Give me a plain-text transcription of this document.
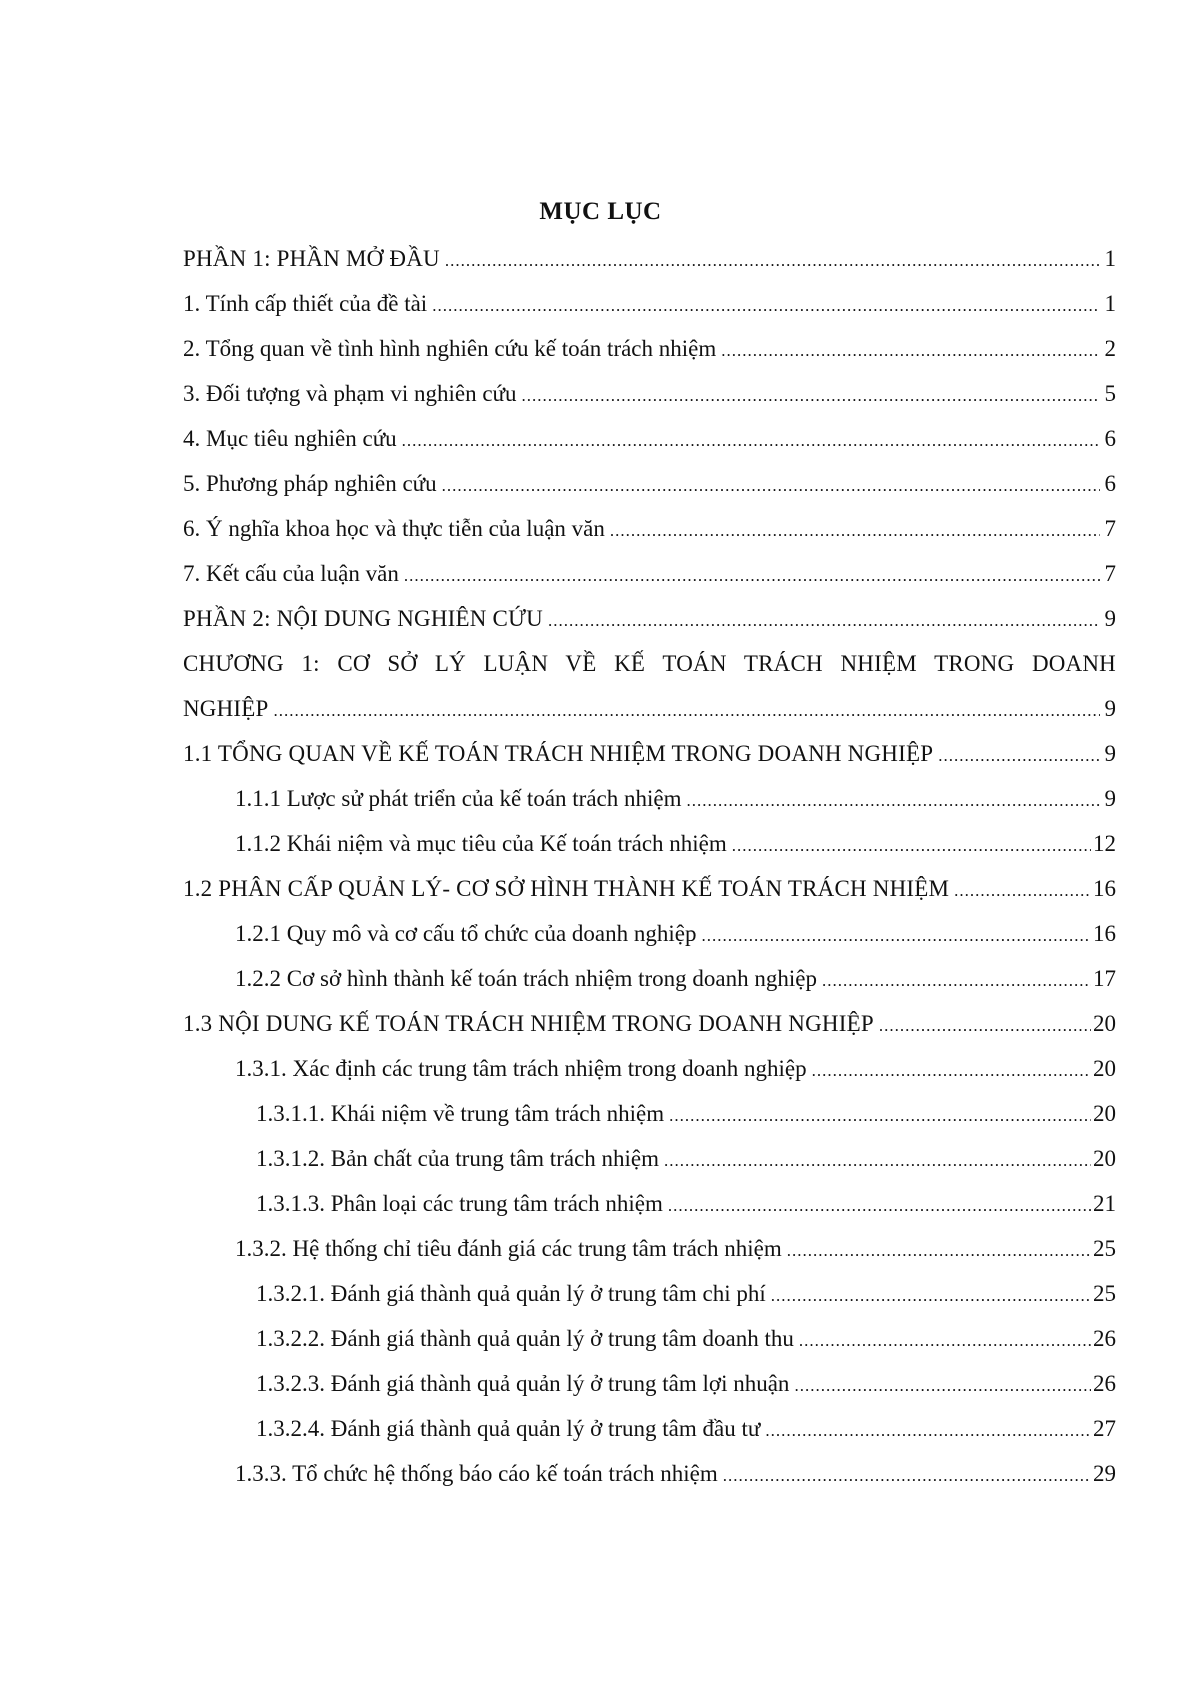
MỤC LỤC
PHẦN 1: PHẦN MỞ ĐẦU .....	1
1. Tính cấp thiết của đề tài .....	1
2. Tổng quan về tình hình nghiên cứu kế toán trách nhiệm .....	2
3. Đối tượng và phạm vi nghiên cứu .....	5
4. Mục tiêu nghiên cứu .....	6
5. Phương pháp nghiên cứu .....	6
6. Ý nghĩa khoa học và thực tiễn của luận văn .....	7
7. Kết cấu của luận văn .....	7
PHẦN 2: NỘI DUNG NGHIÊN CỨU .....	9
CHƯƠNG 1: CƠ SỞ LÝ LUẬN VỀ KẾ TOÁN TRÁCH NHIỆM TRONG DOANH
NGHIỆP .....	9
1.1 TỔNG QUAN VỀ KẾ TOÁN TRÁCH NHIỆM TRONG DOANH NGHIỆP .....	9
1.1.1 Lược sử phát triển của kế toán trách nhiệm .....	9
1.1.2 Khái niệm và mục tiêu của Kế toán trách nhiệm .....	12
1.2 PHÂN CẤP QUẢN LÝ- CƠ SỞ HÌNH THÀNH KẾ TOÁN TRÁCH NHIỆM .....	16
1.2.1 Quy mô và cơ cấu tổ chức của doanh nghiệp .....	16
1.2.2 Cơ sở hình thành kế toán trách nhiệm trong doanh nghiệp .....	17
1.3 NỘI DUNG KẾ TOÁN TRÁCH NHIỆM TRONG DOANH NGHIỆP .....	20
1.3.1. Xác định các trung tâm trách nhiệm trong doanh nghiệp .....	20
1.3.1.1. Khái niệm về trung tâm trách nhiệm .....	20
1.3.1.2. Bản chất của trung tâm trách nhiệm .....	20
1.3.1.3. Phân loại các trung tâm trách nhiệm .....	21
1.3.2. Hệ thống chỉ tiêu đánh giá các trung tâm trách nhiệm .....	25
1.3.2.1. Đánh giá thành quả quản lý ở trung tâm chi phí .....	25
1.3.2.2. Đánh giá thành quả quản lý ở trung tâm doanh thu .....	26
1.3.2.3. Đánh giá thành quả quản lý ở trung tâm lợi nhuận .....	26
1.3.2.4. Đánh giá thành quả quản lý ở trung tâm đầu tư .....	27
1.3.3. Tổ chức hệ thống báo cáo kế toán trách nhiệm .....	29
